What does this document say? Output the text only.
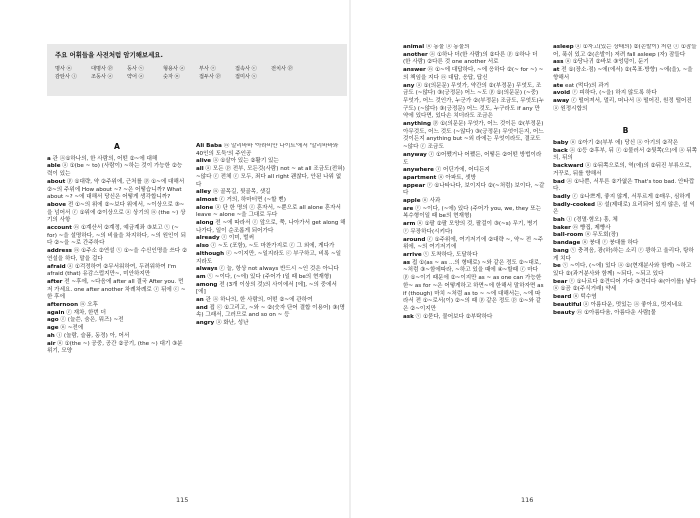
주요 어휘들을 사전처럼 암기해보세요.
명사 ⓝ	대명사 ⓟ	동사 ⓥ	형용사 ⓐ	부사 ⓡ	접속사 ⓒ	전치사 ⓟ
감탄사 ⓘ	조동사 ⓐ	약어 ⓐ	숫자 ⓝ	접두사 ⓟ	접미사 ⓢ
A

a 관 ⓐ①하나의, 한 사람의, 어떤 ②~에 대해

able ⓐ ①(be ~ to) (사람이) ~하는 것이 가능한 ②능력이 있는

about ⓟ ①대략, 약 ②주위에, 근처를 ⓟ ①~에 대해서 ②~의 주위에 How about ~? ~은 어떻습니까? What about ~? ~에 대해서 당신은 어떻게 생각합니까?

above 전 ①~의 위에 ②~보다 위에서, ~이상으로 ③~을 넘어서 ⓡ ①위에 ②이상으로 ⓐ 상기의 ⓝ (the ~) 상기의 사항

account ⓝ ①계산서 ②계정, 예금계좌 ③보고 ⓥ (~ for) ~을 설명하다, ~의 비율을 차지하다, ~의 원인이 되다 ②~을 ~로 간주하다

address ⓝ ①주소 ②연설 ⓥ ①~을 수신인명을 쓰다 ②연설을 하다, 말을 걸다

afraid ⓐ ①걱정하여 ②무서워하여, 두려워하여 I'm afraid (that) 유감스럽지만~, 미안하지만

after 전 ~후에, ~다음에 after all 결국 After you. 먼저 가세요. one after another 차례차례로 ⓡ 뒤에 ⓒ ~한 후에

afternoon ⓝ 오후

again ⓡ 재차, 한번 더

ago ⓡ (늘쓴, 숨은, 뭐즈) ~전

age ⓝ ~전에

ah ⓘ (놀람, 슬픔, 동정) 아, 어서

air ⓝ ①(the ~) 공중, 공간 ②공기, (the ~) 대기 ③분위기, 모양

Ali Baba ⓝ 알리바바 '아라비안 나이트'에서 '알리바바와 40인의 도둑'의 주인공

alive ⓐ ①살아 있는 ②활기 있는

all ⓐ 모든 ⓟ 전부, 모든것(사람) not ~ at all 조금도(전혀) ~않다 ⓡ 전체 ⓡ 모두, 죄다 all right 괜찮다, 안된 나위 없다

alley ⓝ 골목길, 뒷골목, 샛길

almost ⓡ 거의, 하마터면 (~할 뻔)

alone ⓐ 단 한 명의 ⓡ 혼자서, ~뿐으로 all alone 혼자서 leave ~ alone ~을 그대로 두다

along 전 ~에 따라서 ⓡ 앞으로, 쭉, 나아가서 get along 해나가다, 일이 순조롭게 되어가다

already ⓡ 이미, 벌써

also ⓡ ~도 (포함), ~도 마찬가지로 ⓡ 그 외에, 게다가

although ⓒ ~이지만, ~일지라도 ⓒ 부구하고, 비록 ~일지라도

always ⓡ 늘, 항상 not always 반드시 ~인 것은 아니다

am ⓥ ~이다, (~에) 있다 (주어가 I일 때 be의 현재형)

among 전 (3개 이상의 것)의 사이에서 [에], ~의 중에서[에]

an 관 ⓐ 하나의, 한 사람의, 어떤 ②~에 관하여

and 접 ⓒ ①그리고, ~와 ~ ②(숫자 단어 결합 이용어) ③(명속) 그래서, 그러므로 and so on ~ 등

angry ⓐ 화난, 성난

115

animal ⓝ 동물 ⓐ 동물의

another ⓐ ①하나 더(한 사람)의 ②다른 ⓟ ①하나 더(한 사람) ②다른 것 one another 서로

answer ⓝ ①~에 대답하다, ~에 응하다 ②(~ for ~) ~의 책임을 지다 ⓝ 대답, 응답, 답신

any ⓐ ①(의문문) 무엇가, 약간의 ②(부정문) 무엇도, 조금도 (~않다) ③(긍정문) 어느 ~도 ⓟ ①(의문문) (~중) 무엇가, 어느 것인가, 누군가 ②(부정문) 조금도, 무엇도(누구도) (~않다) ③(긍정문) 어느 것도, 누구라도 if any 만약에 있다면, 있다손 치더라도 조금은

anything ⓟ ①(의문문) 무엇가, 어느 것이든 ②(부정문) 아무것도, 어느 것도 (~않다) ③(긍정문) 무엇이든지, 어느 것이든지 anything but ~외 라에는 무엇이라도, 결코도 ~않다 ⓡ 조금도

anyway ⓡ ①어쨌거나 어쨌든, 어떻든 ②어떤 방법이라도

anywhere ⓡ 어딘가에, 어디든지

apartment ⓝ 아파트, 셋방

appear ⓥ ①나타나다, 보이지다 ②(~처럼) 보이다, ~같다

apple ⓝ 사과

are ⓥ ~이다, (~에) 있다 (주어가 you, we, they 또는 복수형이일 때 be의 현재형)

arm ⓝ ①팔 ②팔 모양의 것, 팔걸이 ③(~s) 무기, 병기 ⓥ 무장하다(시키다)

around ⓡ ①주위에, 여기저기에 ②대략 ~, 약~ 전 ~주위에, ~의 여기저기에

arrive ⓥ 도착하다, 도달하다

as 접 ①(as ~ as ...의 형태로) ~와 같은 정도 ②~대로, ~처럼 ③~함에따라, ~하고 있을 때에 ④~할때 ⓡ 마다 ⓟ ①~이기 때문에 ②~이지만 as ~ as one can 가능한 한~ as for ~은 어떻게하고 하면~에 한해서 말하자면 as if (though) 마치 ~처럼 as to ~ ~에 대해서는, ~에 따라서 전 ①~로서(이) ②~의 때 ⓟ 같은 정도 ⓟ ①~와 같은 ②~이지만

ask ⓥ ①묻다, 물어보다 ②부탁하다

asleep ⓐ ①자고(있는 상태의) ②(손발이) 저린 ⓡ ①잠들어, 푹쉬 있고 ②(손발이) 저려 fall asleep (자) 잠들다

ass ⓝ ①당나귀 ②바보 ③엉덩이, 둔기

at 전 ①(장소·점) ~에(에서) ②(목표·방향) ~에(을), ~을 향해서

ate eat (먹다)의 과거

avoid ⓥ 피하다, (~을) 하지 않도록 하다

away ⓡ 떨어져서, 멀리, 떠나서 ⓐ 떨어진, 원정 떨어진 ⓐ 원정시합의

B

baby ⓝ ①아기 ②(부부 에) 당신 ⓐ 아기의 ②작은

back ⓐ ①등 ②후부, 뒤 ⓡ ①물러서 ②뒷쪽(으)에 ⓐ 뒤쪽의, 뒤의

backward ⓐ ①뒤쪽으로의, 역(에)의 ②뒤진 부류으로, 거꾸로, 뒤를 향해서

bad ⓐ ①나쁜, 서투른 ②가엾은 That's too bad. 안타깝다.

badly ⓡ ①나쁘게, 좋지 않게, 서투르게 ②매우, 심하게

badly-cooked ⓐ 설(제대로) 요리되어 있지 않은, 설 익은

bah ⓘ (경멸·혐오) 흥, 체

baker ⓝ 빵집, 제빵사

ball-room ⓝ 무도회(장)

bandage ⓝ 붕대 ⓥ 붕대를 하다

bang ⓥ 충격음, 광(하)하는 소리 ⓥ 쾅하고 울리다, 탕하게 치다

be ⓥ ~이다, (~에) 있다 ⓐ ①(현재분사와 함께) ~하고 있다 ②(과거분사와 함께) ~되다, ~되고 있다

bear ⓥ ①나르다 ②견디어 가다 ③견디다 ④(아이를) 낳다 ⓝ ①곰 ②(주식거래) 약세

beard ⓝ 턱수염

beautiful ⓐ 아름다운, 멋있는 ⓐ 좋아요, 멋지네요

beauty ⓝ ①아름다움, 아름다운 사람[물

116
